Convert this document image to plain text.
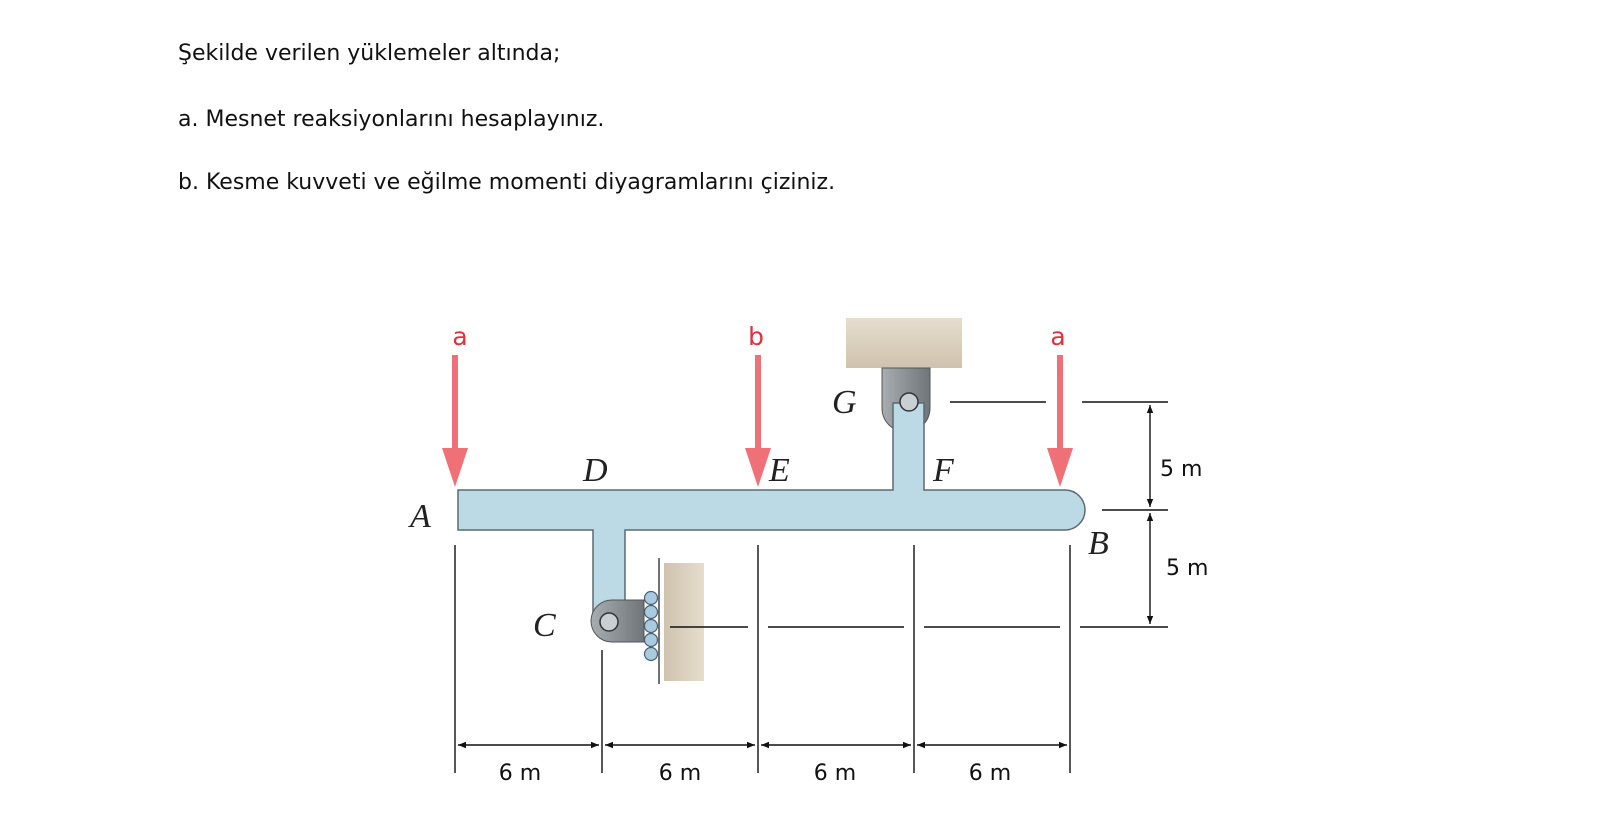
Şekilde verilen yüklemeler altında;

a. Mesnet reaksiyonlarını hesaplayınız.

b. Kesme kuvveti ve eğilme momenti diyagramlarını çiziniz.

a	b	a
A
B
C
D	E	F
G
6 m	6 m	6 m	6 m
5 m
5 m
